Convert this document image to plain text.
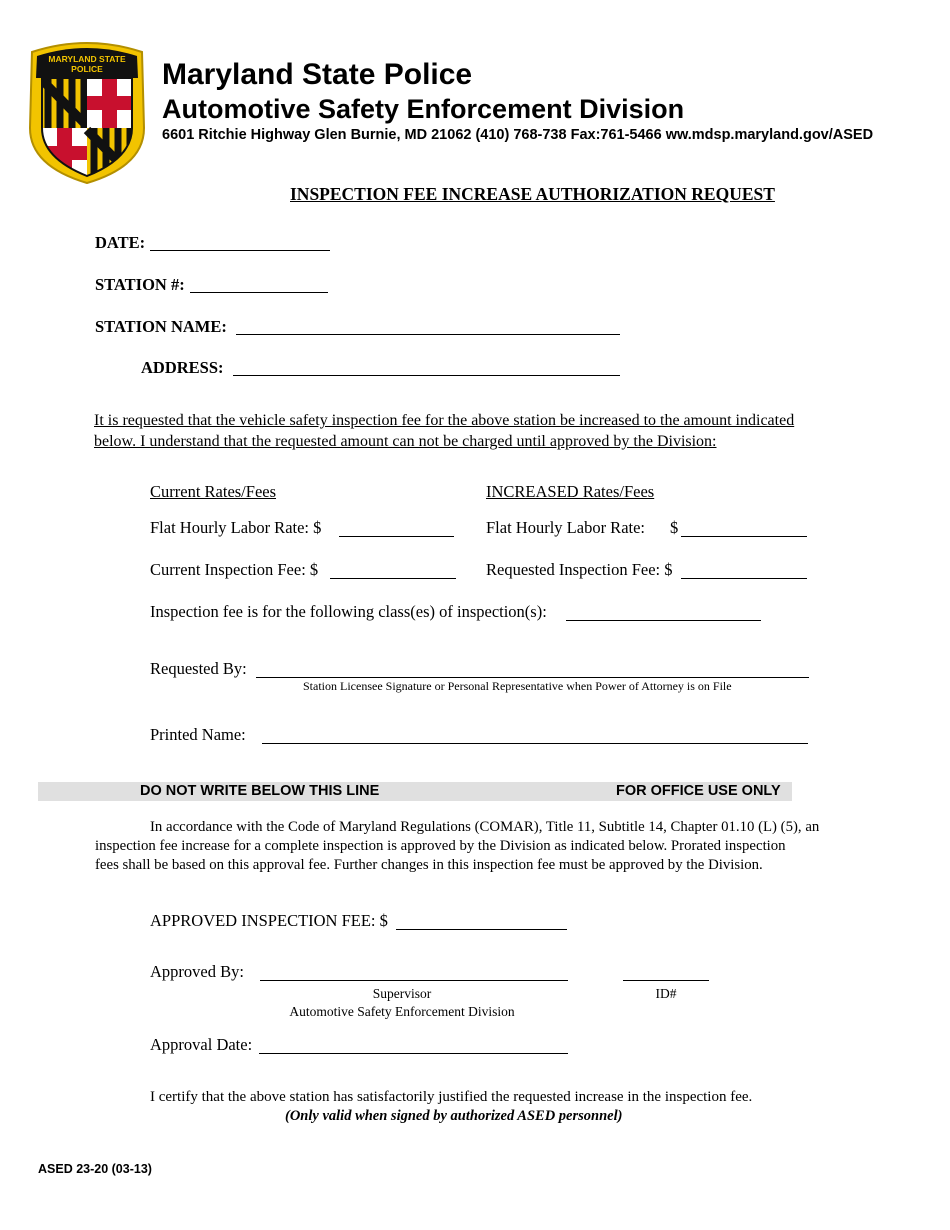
MARYLAND STATE POLICE	Maryland State Police
Automotive Safety Enforcement Division
6601 Ritchie Highway Glen Burnie, MD 21062 (410) 768-738 Fax:761-5466 ww.mdsp.maryland.gov/ASED
INSPECTION FEE INCREASE AUTHORIZATION REQUEST
DATE:
STATION #:
STATION NAME:
ADDRESS:
It is requested that the vehicle safety inspection fee for the above station be increased to the amount indicated
below. I understand that the requested amount can not be charged until approved by the Division:
Current Rates/Fees	INCREASED Rates/Fees
Flat Hourly Labor Rate: $	Flat Hourly Labor Rate: $
Current Inspection Fee: $	Requested Inspection Fee: $
Inspection fee is for the following class(es) of inspection(s):
Requested By:
Station Licensee Signature or Personal Representative when Power of Attorney is on File
Printed Name:
DO NOT WRITE BELOW THIS LINE	FOR OFFICE USE ONLY
In accordance with the Code of Maryland Regulations (COMAR), Title 11, Subtitle 14, Chapter 01.10 (L) (5), an
inspection fee increase for a complete inspection is approved by the Division as indicated below. Prorated inspection
fees shall be based on this approval fee. Further changes in this inspection fee must be approved by the Division.
APPROVED INSPECTION FEE: $
Approved By:
Supervisor
Automotive Safety Enforcement Division
ID#
Approval Date:
I certify that the above station has satisfactorily justified the requested increase in the inspection fee.
(Only valid when signed by authorized ASED personnel)
ASED 23-20 (03-13)
